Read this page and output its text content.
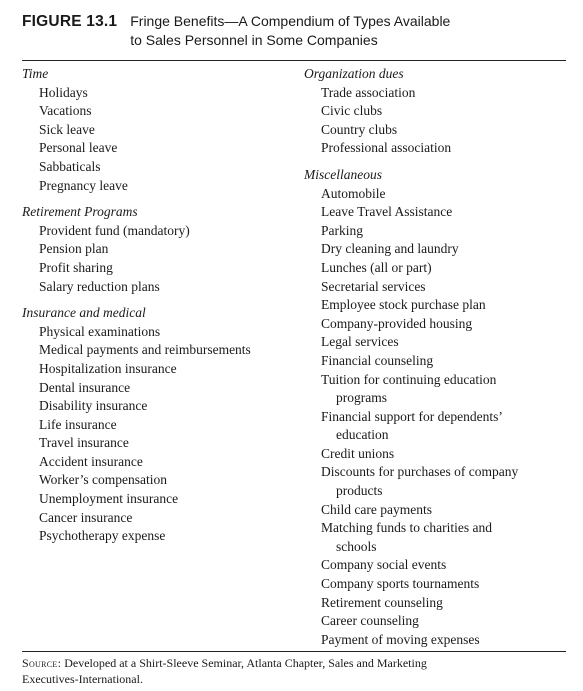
FIGURE 13.1 Fringe Benefits—A Compendium of Types Available
to Sales Personnel in Some Companies
Time
Holidays
Vacations
Sick leave
Personal leave
Sabbaticals
Pregnancy leave
Retirement Programs
Provident fund (mandatory)
Pension plan
Profit sharing
Salary reduction plans
Insurance and medical
Physical examinations
Medical payments and reimbursements
Hospitalization insurance
Dental insurance
Disability insurance
Life insurance
Travel insurance
Accident insurance
Worker’s compensation
Unemployment insurance
Cancer insurance
Psychotherapy expense
Organization dues
Trade association
Civic clubs
Country clubs
Professional association
Miscellaneous
Automobile
Leave Travel Assistance
Parking
Dry cleaning and laundry
Lunches (all or part)
Secretarial services
Employee stock purchase plan
Company-provided housing
Legal services
Financial counseling
Tuition for continuing education
programs
Financial support for dependents’
education
Credit unions
Discounts for purchases of company
products
Child care payments
Matching funds to charities and
schools
Company social events
Company sports tournaments
Retirement counseling
Career counseling
Payment of moving expenses
Source: Developed at a Shirt-Sleeve Seminar, Atlanta Chapter, Sales and Marketing
Executives-International.
